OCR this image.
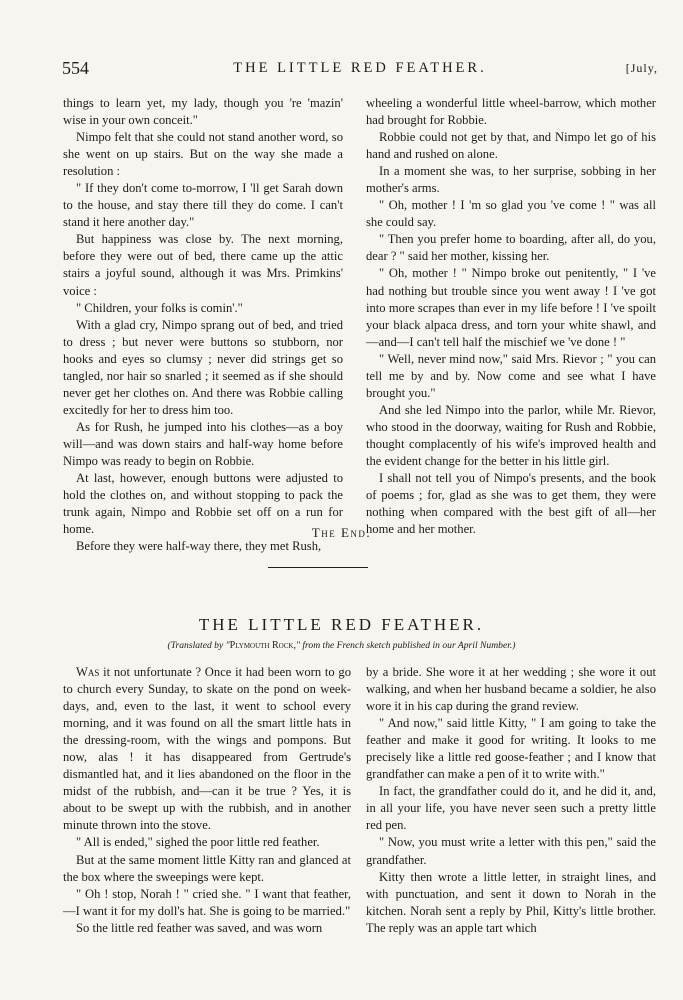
554	THE LITTLE RED FEATHER.	[July,

things to learn yet, my lady, though you 're 'mazin' wise in your own conceit."

Nimpo felt that she could not stand another word, so she went on up stairs. But on the way she made a resolution :

" If they don't come to-morrow, I 'll get Sarah down to the house, and stay there till they do come. I can't stand it here another day."

But happiness was close by. The next morning, before they were out of bed, there came up the attic stairs a joyful sound, although it was Mrs. Primkins' voice :

" Children, your folks is comin'."

With a glad cry, Nimpo sprang out of bed, and tried to dress ; but never were buttons so stubborn, nor hooks and eyes so clumsy ; never did strings get so tangled, nor hair so snarled ; it seemed as if she should never get her clothes on. And there was Robbie calling excitedly for her to dress him too.

As for Rush, he jumped into his clothes—as a boy will—and was down stairs and half-way home before Nimpo was ready to begin on Robbie.

At last, however, enough buttons were adjusted to hold the clothes on, and without stopping to pack the trunk again, Nimpo and Robbie set off on a run for home.

Before they were half-way there, they met Rush,

wheeling a wonderful little wheel-barrow, which mother had brought for Robbie.

Robbie could not get by that, and Nimpo let go of his hand and rushed on alone.

In a moment she was, to her surprise, sobbing in her mother's arms.

" Oh, mother ! I 'm so glad you 've come ! " was all she could say.

" Then you prefer home to boarding, after all, do you, dear ? " said her mother, kissing her.

" Oh, mother ! " Nimpo broke out penitently, " I 've had nothing but trouble since you went away ! I 've got into more scrapes than ever in my life before ! I 've spoilt your black alpaca dress, and torn your white shawl, and—and—I can't tell half the mischief we 've done ! "

" Well, never mind now," said Mrs. Rievor ; " you can tell me by and by. Now come and see what I have brought you."

And she led Nimpo into the parlor, while Mr. Rievor, who stood in the doorway, waiting for Rush and Robbie, thought complacently of his wife's improved health and the evident change for the better in his little girl.

I shall not tell you of Nimpo's presents, and the book of poems ; for, glad as she was to get them, they were nothing when compared with the best gift of all—her home and her mother.

The End.
THE LITTLE RED FEATHER.
(Translated by "Plymouth Rock," from the French sketch published in our April Number.)

Was it not unfortunate ? Once it had been worn to go to church every Sunday, to skate on the pond on week-days, and, even to the last, it went to school every morning, and it was found on all the smart little hats in the dressing-room, with the wings and pompons. But now, alas ! it has disappeared from Gertrude's dismantled hat, and it lies abandoned on the floor in the midst of the rubbish, and—can it be true ? Yes, it is about to be swept up with the rubbish, and in another minute thrown into the stove.

" All is ended," sighed the poor little red feather.

But at the same moment little Kitty ran and glanced at the box where the sweepings were kept.

" Oh ! stop, Norah ! " cried she. " I want that feather,—I want it for my doll's hat. She is going to be married."

So the little red feather was saved, and was worn

by a bride. She wore it at her wedding ; she wore it out walking, and when her husband became a soldier, he also wore it in his cap during the grand review.

" And now," said little Kitty, " I am going to take the feather and make it good for writing. It looks to me precisely like a little red goose-feather ; and I know that grandfather can make a pen of it to write with."

In fact, the grandfather could do it, and he did it, and, in all your life, you have never seen such a pretty little red pen.

" Now, you must write a letter with this pen," said the grandfather.

Kitty then wrote a little letter, in straight lines, and with punctuation, and sent it down to Norah in the kitchen. Norah sent a reply by Phil, Kitty's little brother. The reply was an apple tart which
